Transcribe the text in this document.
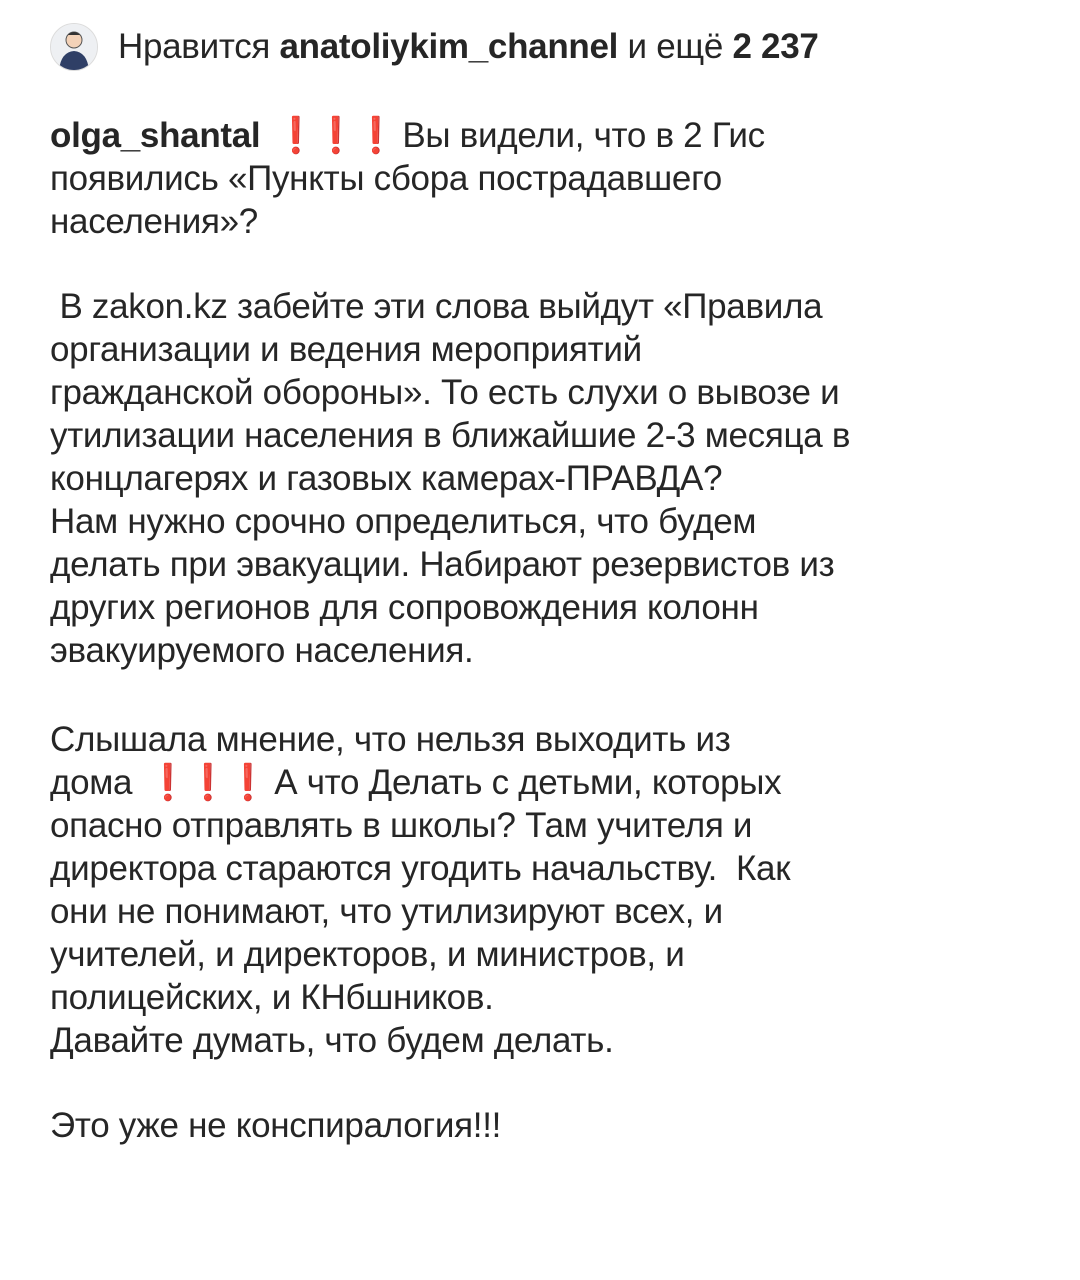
Нравится anatoliykim_channel и ещё 2 237

olga_shantal ❗❗❗ Вы видели, что в 2 Гис

появились «Пункты сбора пострадавшего

населения»?

В zakon.kz забейте эти слова выйдут «Правила

организации и ведения мероприятий

гражданской обороны». То есть слухи о вывозе и

утилизации населения в ближайшие 2-3 месяца в

концлагерях и газовых камерах-ПРАВДА?

Нам нужно срочно определиться, что будем

делать при эвакуации. Набирают резервистов из

других регионов для сопровождения колонн

эвакуируемого населения.

Слышала мнение, что нельзя выходить из

дома ❗❗❗ А что Делать с детьми, которых

опасно отправлять в школы? Там учителя и

директора стараются угодить начальству.  Как

они не понимают, что утилизируют всех, и

учителей, и директоров, и министров, и

полицейских, и КНбшников.

Давайте думать, что будем делать.

Это уже не конспиралогия!!!
